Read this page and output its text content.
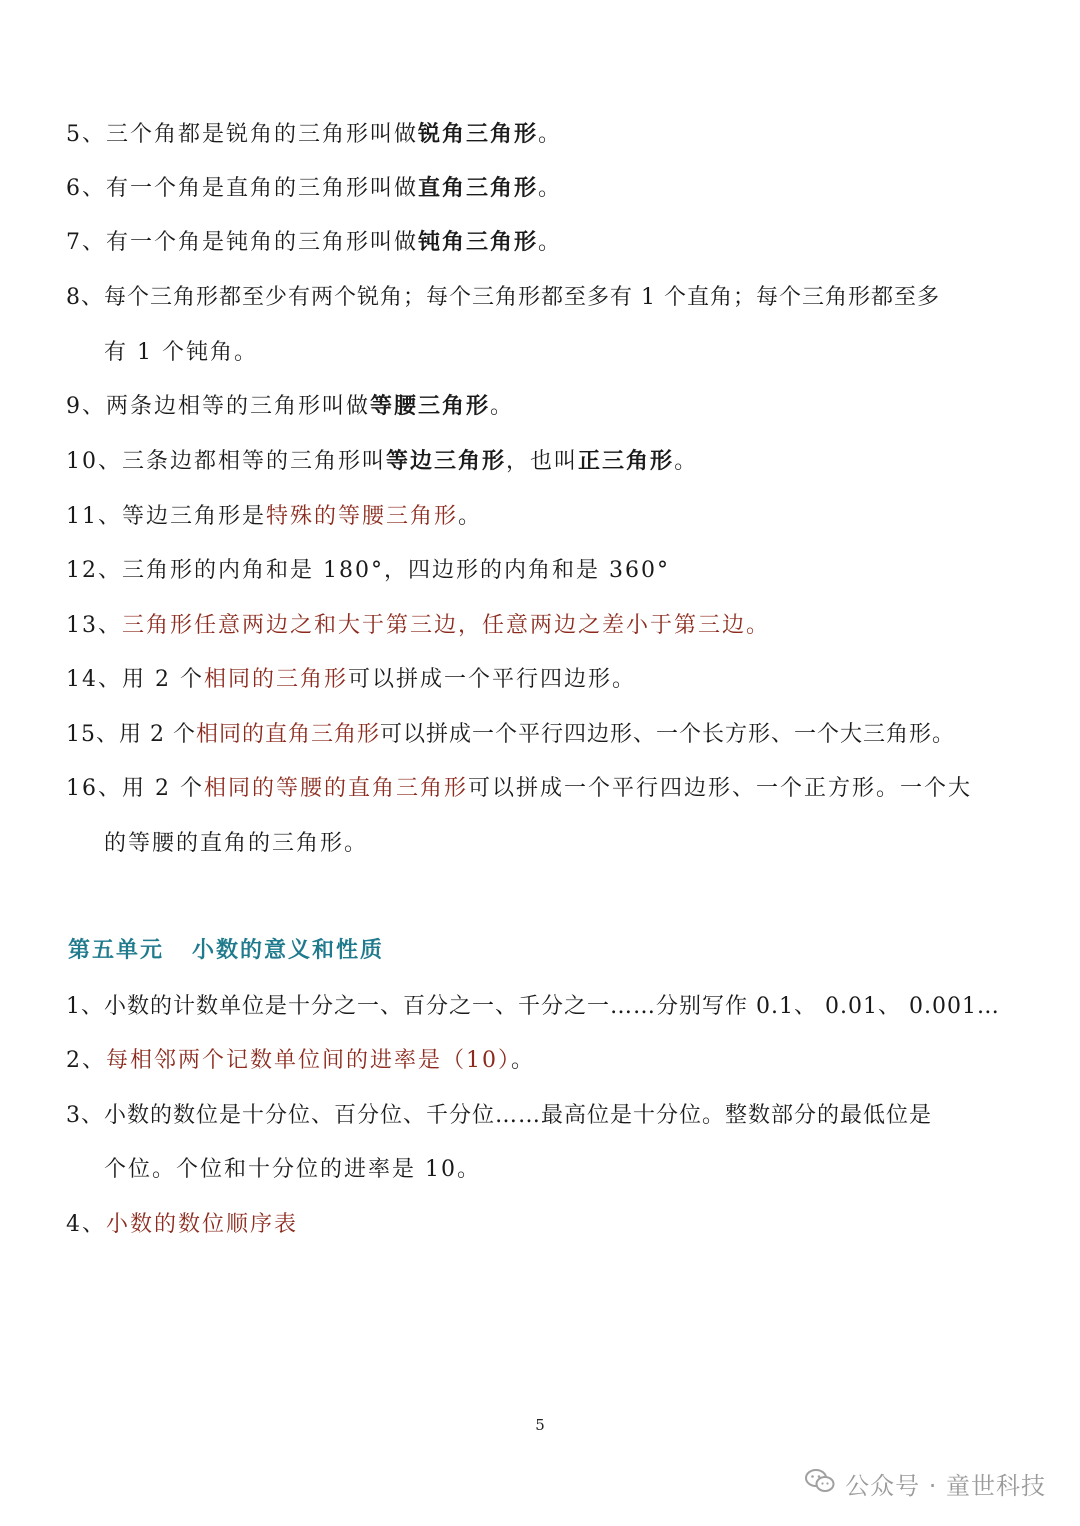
5、三个角都是锐角的三角形叫做锐角三角形。
6、有一个角是直角的三角形叫做直角三角形。
7、有一个角是钝角的三角形叫做钝角三角形。
8、每个三角形都至少有两个锐角；每个三角形都至多有 1 个直角；每个三角形都至多
有 1 个钝角。
9、两条边相等的三角形叫做等腰三角形。
10、三条边都相等的三角形叫等边三角形，也叫正三角形。
11、等边三角形是特殊的等腰三角形。
12、三角形的内角和是 180°，四边形的内角和是 360°
13、三角形任意两边之和大于第三边，任意两边之差小于第三边。
14、用 2 个相同的三角形可以拼成一个平行四边形。
15、用 2 个相同的直角三角形可以拼成一个平行四边形、一个长方形、一个大三角形。
16、用 2 个相同的等腰的直角三角形可以拼成一个平行四边形、一个正方形。一个大
的等腰的直角的三角形。
第五单元 小数的意义和性质
1、小数的计数单位是十分之一、百分之一、千分之一……分别写作 0.1、 0.01、 0.001…
2、每相邻两个记数单位间的进率是（10）。
3、小数的数位是十分位、百分位、千分位……最高位是十分位。整数部分的最低位是
个位。个位和十分位的进率是 10。
4、小数的数位顺序表
5
公众号 · 童世科技
